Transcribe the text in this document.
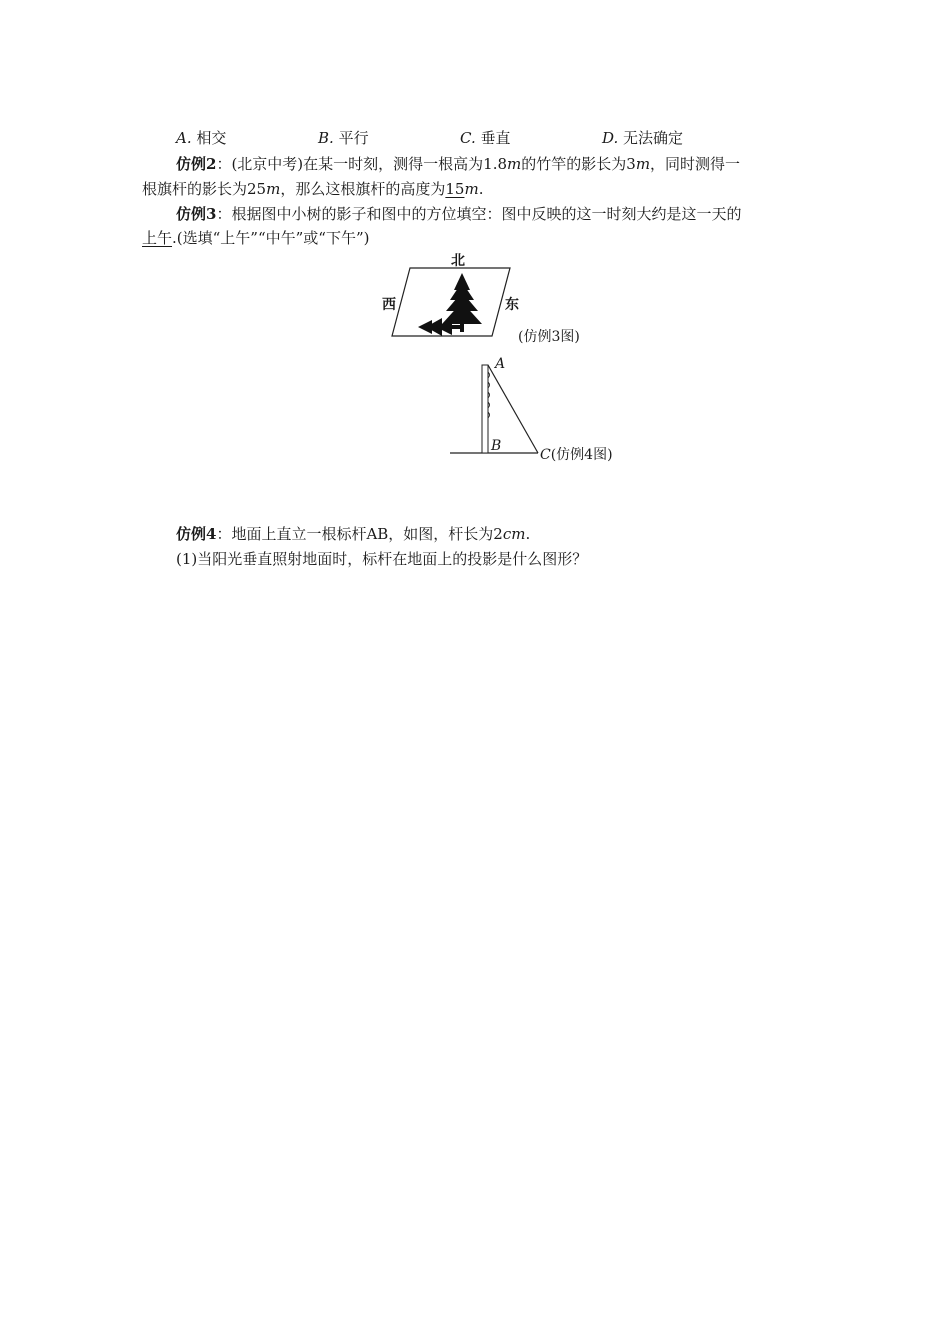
A. 相交	B. 平行	C. 垂直	D. 无法确定
仿例2：(北京中考)在某一时刻，测得一根高为1.8m的竹竿的影长为3m，同时测得一
根旗杆的影长为25m，那么这根旗杆的高度为15m.
仿例3：根据图中小树的影子和图中的方位填空：图中反映的这一时刻大约是这一天的
上午.(选填“上午”“中午”或“下午”)
北
西	东
(仿例3图)
A
B
C(仿例4图)
仿例4：地面上直立一根标杆AB，如图，杆长为2cm.
(1)当阳光垂直照射地面时，标杆在地面上的投影是什么图形？
